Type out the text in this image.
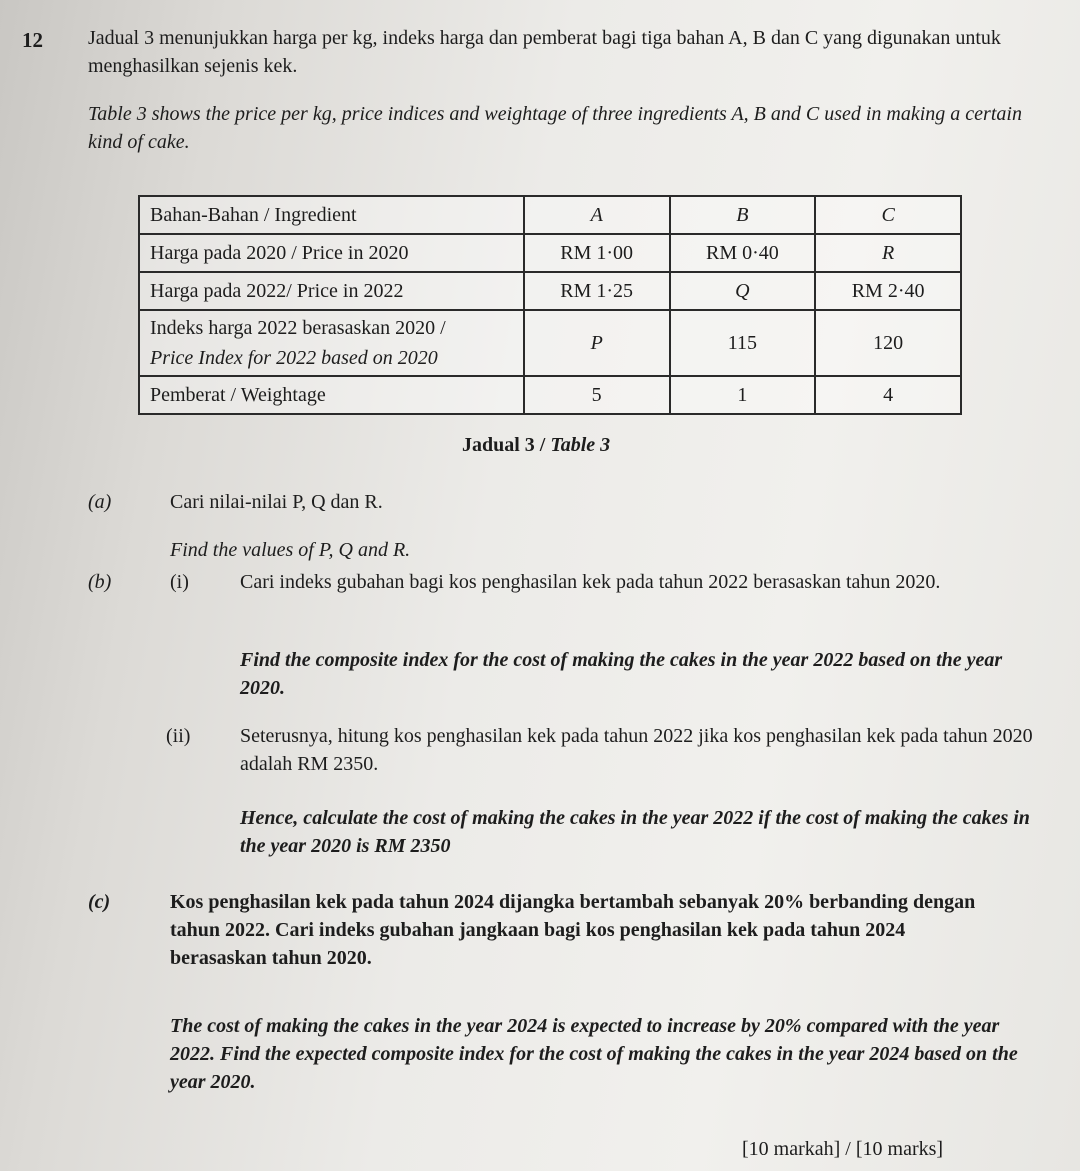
12 Jadual 3 menunjukkan harga per kg, indeks harga dan pemberat bagi tiga bahan A, B dan C yang digunakan untuk menghasilkan sejenis kek.
Table 3 shows the price per kg, price indices and weightage of three ingredients A, B and C used in making a certain kind of cake.
Bahan-Bahan / Ingredient	A	B	C
Harga pada 2020 / Price in 2020	RM 1·00	RM 0·40	R
Harga pada 2022/ Price in 2022	RM 1·25	Q	RM 2·40

Indeks harga 2022 berasaskan 2020 /
Price Index for 2022 based on 2020	P	115	120
Pemberat / Weightage	5	1	4
Jadual 3 / Table 3
(a)	Cari nilai-nilai P, Q dan R.
Find the values of P, Q and R.
(b)	(i)	Cari indeks gubahan bagi kos penghasilan kek pada tahun 2022 berasaskan tahun 2020.
Find the composite index for the cost of making the cakes in the year 2022 based on the year 2020.
(ii) Seterusnya, hitung kos penghasilan kek pada tahun 2022 jika kos penghasilan kek pada tahun 2020 adalah RM 2350.
Hence, calculate the cost of making the cakes in the year 2022 if the cost of making the cakes in the year 2020 is RM 2350
(c)	Kos penghasilan kek pada tahun 2024 dijangka bertambah sebanyak 20% berbanding dengan tahun 2022. Cari indeks gubahan jangkaan bagi kos penghasilan kek pada tahun 2024 berasaskan tahun 2020.
The cost of making the cakes in the year 2024 is expected to increase by 20% compared with the year 2022. Find the expected composite index for the cost of making the cakes in the year 2024 based on the year 2020.
[10 markah] / [10 marks]
